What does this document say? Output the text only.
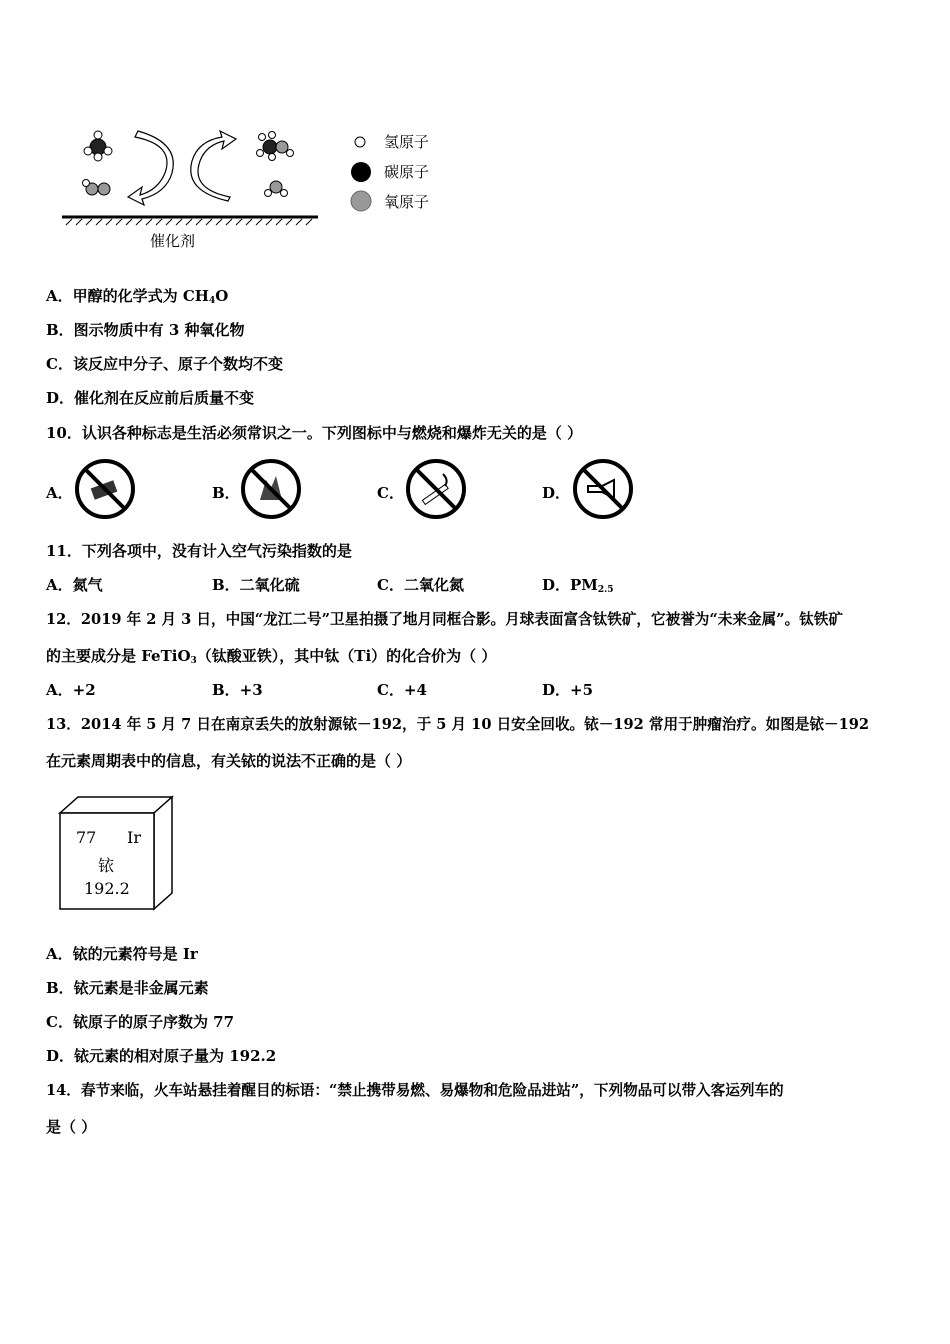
催化剂
氢原子
碳原子
氧原子
A．甲醇的化学式为 $CH_4O$
B．图示物质中有 3 种氧化物
C．该反应中分子、原子个数均不变
D．催化剂在反应前后质量不变
10．认识各种标志是生活必须常识之一。下列图标中与燃烧和爆炸无关的是（ ）
A．	B．	C．	D．
11．下列各项中，没有计入空气污染指数的是
A．氮气	B．二氧化硫	C．二氧化氮	D．$PM_{2.5}$
12．2019 年 2 月 3 日，中国“龙江二号”卫星拍摄了地月同框合影。月球表面富含钛铁矿，它被誉为“未来金属”。钛铁矿
的主要成分是 FeTiO$_3$（钛酸亚铁），其中钛（Ti）的化合价为（ ）
A．+2	B．+3	C．+4	D．+5
13．2014 年 5 月 7 日在南京丢失的放射源铱－192，于 5 月 10 日安全回收。铱－192 常用于肿瘤治疗。如图是铱－192
在元素周期表中的信息，有关铱的说法不正确的是（ ）
77 Ir
铱
192.2
A．铱的元素符号是 Ir
B．铱元素是非金属元素
C．铱原子的原子序数为 77
D．铱元素的相对原子量为 192.2
14．春节来临，火车站悬挂着醒目的标语：“禁止携带易燃、易爆物和危险品进站”，下列物品可以带入客运列车的
是（ ）
